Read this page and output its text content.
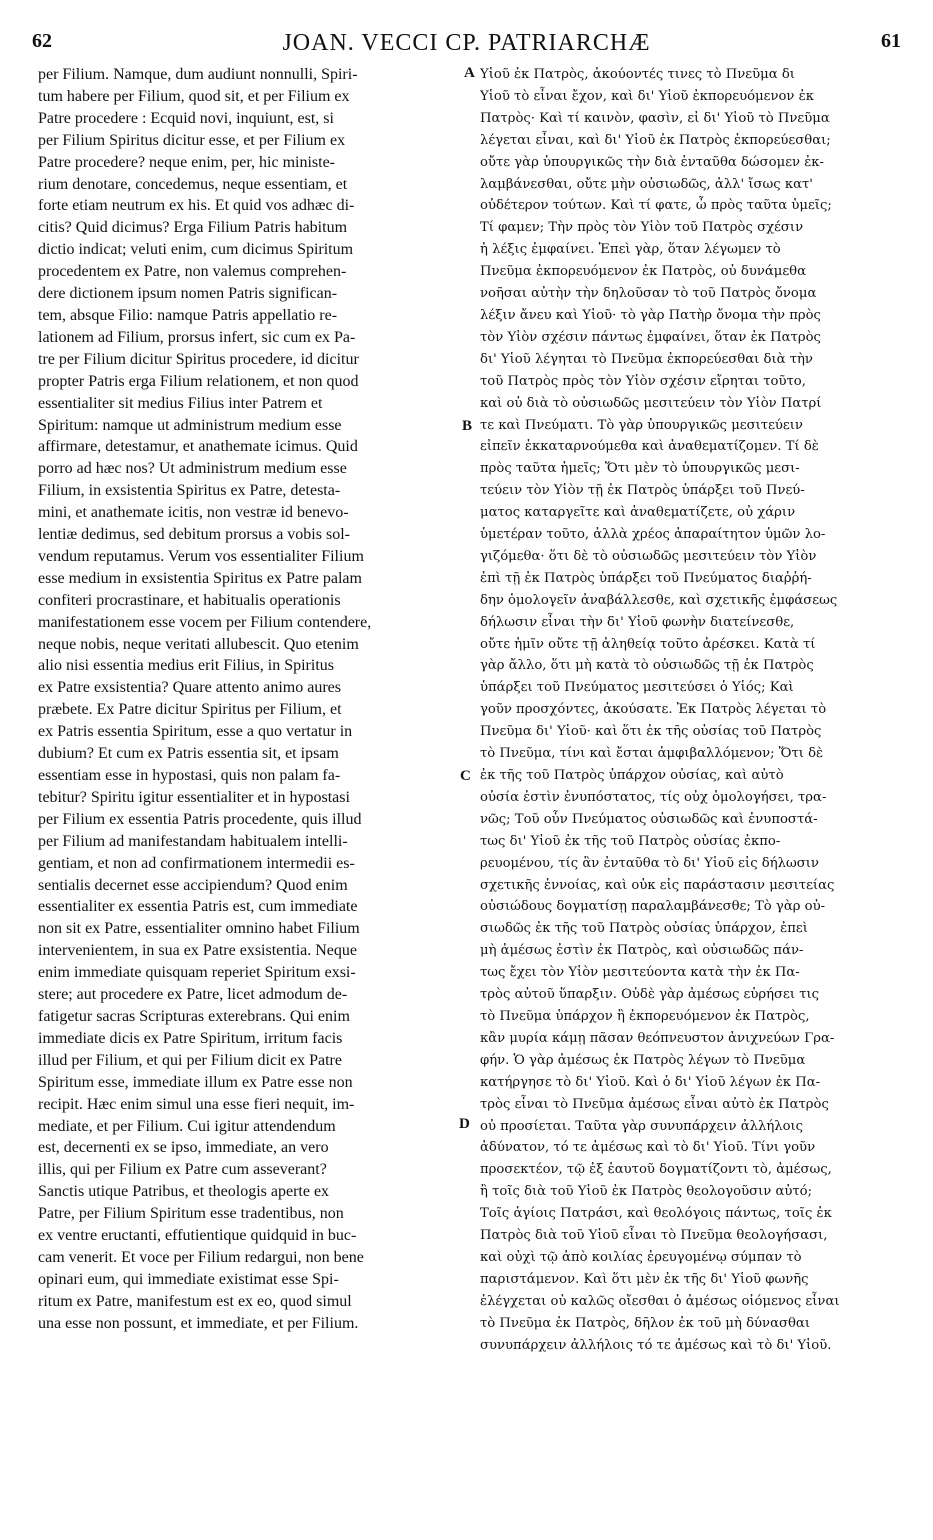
62	JOAN. VECCI CP. PATRIARCHÆ	61
per Filium. Namque, dum audiunt nonnulli, Spiri-
tum habere per Filium, quod sit, et per Filium ex
Patre procedere : Ecquid novi, inquiunt, est, si
per Filium Spiritus dicitur esse, et per Filium ex
Patre procedere? neque enim, per, hic ministe-
rium denotare, concedemus, neque essentiam, et
forte etiam neutrum ex his. Et quid vos adhæc di-
citis? Quid dicimus? Erga Filium Patris habitum
dictio indicat; veluti enim, cum dicimus Spiritum
procedentem ex Patre, non valemus comprehen-
dere dictionem ipsum nomen Patris significan-
tem, absque Filio: namque Patris appellatio re-
lationem ad Filium, prorsus infert, sic cum ex Pa-
tre per Filium dicitur Spiritus procedere, id dicitur
propter Patris erga Filium relationem, et non quod
essentialiter sit medius Filius inter Patrem et
Spiritum: namque ut administrum medium esse
affirmare, detestamur, et anathemate icimus. Quid
porro ad hæc nos? Ut administrum medium esse
Filium, in exsistentia Spiritus ex Patre, detesta-
mini, et anathemate icitis, non vestræ id benevo-
lentiæ dedimus, sed debitum prorsus a vobis sol-
vendum reputamus. Verum vos essentialiter Filium
esse medium in exsistentia Spiritus ex Patre palam
confiteri procrastinare, et habitualis operationis
manifestationem esse vocem per Filium contendere,
neque nobis, neque veritati allubescit. Quo etenim
alio nisi essentia medius erit Filius, in Spiritus
ex Patre exsistentia? Quare attento animo aures
præbete. Ex Patre dicitur Spiritus per Filium, et
ex Patris essentia Spiritum, esse a quo vertatur in
dubium? Et cum ex Patris essentia sit, et ipsam
essentiam esse in hypostasi, quis non palam fa-
tebitur? Spiritu igitur essentialiter et in hypostasi
per Filium ex essentia Patris procedente, quis illud
per Filium ad manifestandam habitualem intelli-
gentiam, et non ad confirmationem intermedii es-
sentialis decernet esse accipiendum? Quod enim
essentialiter ex essentia Patris est, cum immediate
non sit ex Patre, essentialiter omnino habet Filium
intervenientem, in sua ex Patre exsistentia. Neque
enim immediate quisquam reperiet Spiritum exsi-
stere; aut procedere ex Patre, licet admodum de-
fatigetur sacras Scripturas exterebrans. Qui enim
immediate dicis ex Patre Spiritum, irritum facis
illud per Filium, et qui per Filium dicit ex Patre
Spiritum esse, immediate illum ex Patre esse non
recipit. Hæc enim simul una esse fieri nequit, im-
mediate, et per Filium. Cui igitur attendendum
est, decernenti ex se ipso, immediate, an vero
illis, qui per Filium ex Patre cum asseverant?
Sanctis utique Patribus, et theologis aperte ex
Patre, per Filium Spiritum esse tradentibus, non
ex ventre eructanti, effutientique quidquid in buc-
cam venerit. Et voce per Filium redargui, non bene
opinari eum, qui immediate existimat esse Spi-
ritum ex Patre, manifestum est ex eo, quod simul
una esse non possunt, et immediate, et per Filium.
A
B
C
D
Υἱοῦ ἐκ Πατρὸς, ἀκούοντές τινες τὸ Πνεῦμα δι
Υἱοῦ τὸ εἶναι ἔχον, καὶ δι' Υἱοῦ ἐκπορευόμενον ἐκ
Πατρὸς· Καὶ τί καινὸν, φασὶν, εἰ δι' Υἱοῦ τὸ Πνεῦμα
λέγεται εἶναι, καὶ δι' Υἱοῦ ἐκ Πατρὸς ἐκπορεύεσθαι;
οὔτε γὰρ ὑπουργικῶς τὴν διὰ ἐνταῦθα δώσομεν ἐκ-
λαμβάνεσθαι, οὔτε μὴν οὐσιωδῶς, ἀλλ' ἴσως κατ'
οὐδέτερον τούτων. Καὶ τί φατε, ὦ πρὸς ταῦτα ὑμεῖς;
Τί φαμεν; Τὴν πρὸς τὸν Υἱὸν τοῦ Πατρὸς σχέσιν
ἡ λέξις ἐμφαίνει. Ἐπεὶ γὰρ, ὅταν λέγωμεν τὸ
Πνεῦμα ἐκπορευόμενον ἐκ Πατρὸς, οὐ δυνάμεθα
νοῆσαι αὐτὴν τὴν δηλοῦσαν τὸ τοῦ Πατρὸς ὄνομα
λέξιν ἄνευ καὶ Υἱοῦ· τὸ γὰρ Πατὴρ ὄνομα τὴν πρὸς
τὸν Υἱὸν σχέσιν πάντως ἐμφαίνει, ὅταν ἐκ Πατρὸς
δι' Υἱοῦ λέγηται τὸ Πνεῦμα ἐκπορεύεσθαι διὰ τὴν
τοῦ Πατρὸς πρὸς τὸν Υἱὸν σχέσιν εἴρηται τοῦτο,
καὶ οὐ διὰ τὸ οὐσιωδῶς μεσιτεύειν τὸν Υἱὸν Πατρί
τε καὶ Πνεύματι. Τὸ γὰρ ὑπουργικῶς μεσιτεύειν
εἰπεῖν ἐκκαταρνούμεθα καὶ ἀναθεματίζομεν. Τί δὲ
πρὸς ταῦτα ἡμεῖς; Ὅτι μὲν τὸ ὑπουργικῶς μεσι-
τεύειν τὸν Υἱὸν τῇ ἐκ Πατρὸς ὑπάρξει τοῦ Πνεύ-
ματος καταργεῖτε καὶ ἀναθεματίζετε, οὐ χάριν
ὑμετέραν τοῦτο, ἀλλὰ χρέος ἀπαραίτητον ὑμῶν λο-
γιζόμεθα· ὅτι δὲ τὸ οὐσιωδῶς μεσιτεύειν τὸν Υἱὸν
ἐπὶ τῇ ἐκ Πατρὸς ὑπάρξει τοῦ Πνεύματος διαῤῥή-
δην ὁμολογεῖν ἀναβάλλεσθε, καὶ σχετικῆς ἐμφάσεως
δήλωσιν εἶναι τὴν δι' Υἱοῦ φωνὴν διατείνεσθε,
οὔτε ἡμῖν οὔτε τῇ ἀληθείᾳ τοῦτο ἀρέσκει. Κατὰ τί
γὰρ ἄλλο, ὅτι μὴ κατὰ τὸ οὐσιωδῶς τῇ ἐκ Πατρὸς
ὑπάρξει τοῦ Πνεύματος μεσιτεύσει ὁ Υἱός; Καὶ
γοῦν προσχόντες, ἀκούσατε. Ἐκ Πατρὸς λέγεται τὸ
Πνεῦμα δι' Υἱοῦ· καὶ ὅτι ἐκ τῆς οὐσίας τοῦ Πατρὸς
τὸ Πνεῦμα, τίνι καὶ ἔσται ἀμφιβαλλόμενον; Ὅτι δὲ
ἐκ τῆς τοῦ Πατρὸς ὑπάρχον οὐσίας, καὶ αὐτὸ
οὐσία ἐστὶν ἐνυπόστατος, τίς οὐχ ὁμολογήσει, τρα-
νῶς; Τοῦ οὖν Πνεύματος οὐσιωδῶς καὶ ἐνυποστά-
τως δι' Υἱοῦ ἐκ τῆς τοῦ Πατρὸς οὐσίας ἐκπο-
ρευομένου, τίς ἂν ἐνταῦθα τὸ δι' Υἱοῦ εἰς δήλωσιν
σχετικῆς ἐννοίας, καὶ οὐκ εἰς παράστασιν μεσιτείας
οὐσιώδους δογματίσῃ παραλαμβάνεσθε; Τὸ γὰρ οὐ-
σιωδῶς ἐκ τῆς τοῦ Πατρὸς οὐσίας ὑπάρχον, ἐπεὶ
μὴ ἀμέσως ἐστὶν ἐκ Πατρὸς, καὶ οὐσιωδῶς πάν-
τως ἔχει τὸν Υἱὸν μεσιτεύοντα κατὰ τὴν ἐκ Πα-
τρὸς αὐτοῦ ὕπαρξιν. Οὐδὲ γὰρ ἀμέσως εὑρήσει τις
τὸ Πνεῦμα ὑπάρχον ἢ ἐκπορευόμενον ἐκ Πατρὸς,
κἂν μυρία κάμῃ πᾶσαν θεόπνευστον ἀνιχνεύων Γρα-
φήν. Ὁ γὰρ ἀμέσως ἐκ Πατρὸς λέγων τὸ Πνεῦμα
κατήργησε τὸ δι' Υἱοῦ. Καὶ ὁ δι' Υἱοῦ λέγων ἐκ Πα-
τρὸς εἶναι τὸ Πνεῦμα ἀμέσως εἶναι αὐτὸ ἐκ Πατρὸς
οὐ προσίεται. Ταῦτα γὰρ συνυπάρχειν ἀλλήλοις
ἀδύνατον, τό τε ἀμέσως καὶ τὸ δι' Υἱοῦ. Τίνι γοῦν
προσεκτέον, τῷ ἐξ ἑαυτοῦ δογματίζοντι τὸ, ἀμέσως,
ἢ τοῖς διὰ τοῦ Υἱοῦ ἐκ Πατρὸς θεολογοῦσιν αὐτό;
Τοῖς ἁγίοις Πατράσι, καὶ θεολόγοις πάντως, τοῖς ἐκ
Πατρὸς διὰ τοῦ Υἱοῦ εἶναι τὸ Πνεῦμα θεολογήσασι,
καὶ οὐχὶ τῷ ἀπὸ κοιλίας ἐρευγομένῳ σύμπαν τὸ
παριστάμενον. Καὶ ὅτι μὲν ἐκ τῆς δι' Υἱοῦ φωνῆς
ἐλέγχεται οὐ καλῶς οἴεσθαι ὁ ἀμέσως οἰόμενος εἶναι
τὸ Πνεῦμα ἐκ Πατρὸς, δῆλον ἐκ τοῦ μὴ δύνασθαι
συνυπάρχειν ἀλλήλοις τό τε ἀμέσως καὶ τὸ δι' Υἱοῦ.
